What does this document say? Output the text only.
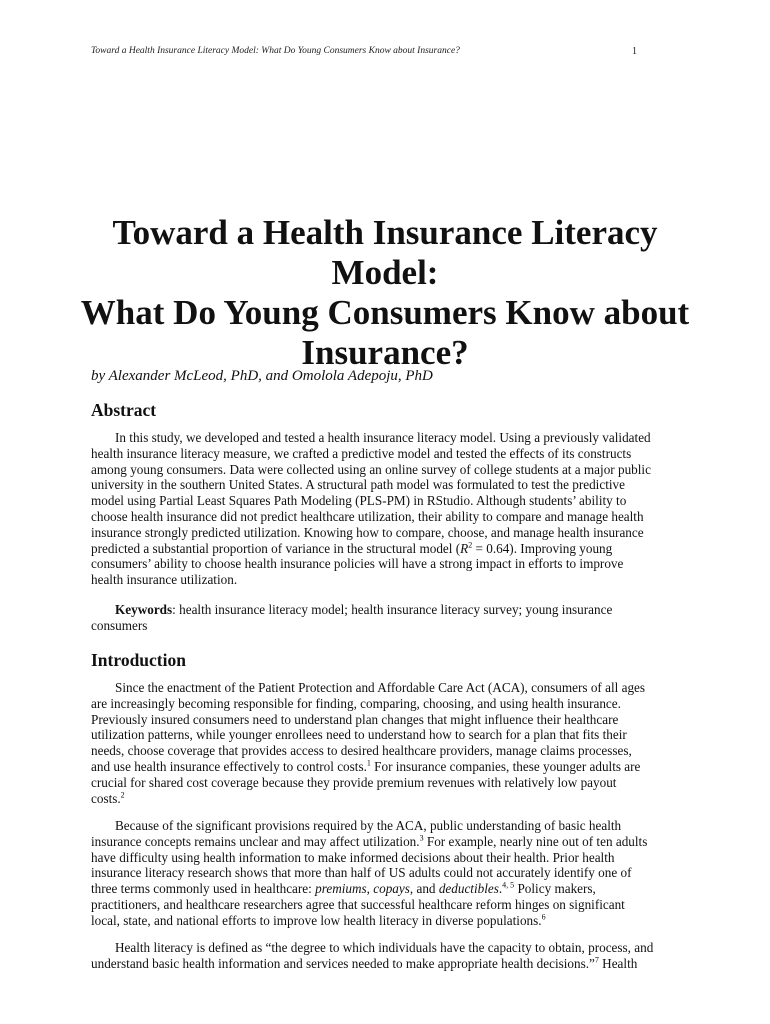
Toward a Health Insurance Literacy Model: What Do Young Consumers Know about Insurance?	1
Toward a Health Insurance Literacy Model:
What Do Young Consumers Know about
Insurance?
by Alexander McLeod, PhD, and Omolola Adepoju, PhD
Abstract

In this study, we developed and tested a health insurance literacy model. Using a previously validated
health insurance literacy measure, we crafted a predictive model and tested the effects of its constructs
among young consumers. Data were collected using an online survey of college students at a major public
university in the southern United States. A structural path model was formulated to test the predictive
model using Partial Least Squares Path Modeling (PLS-PM) in RStudio. Although students’ ability to
choose health insurance did not predict healthcare utilization, their ability to compare and manage health
insurance strongly predicted utilization. Knowing how to compare, choose, and manage health insurance
predicted a substantial proportion of variance in the structural model $(R^2 = 0.64)$. Improving young
consumers’ ability to choose health insurance policies will have a strong impact in efforts to improve
health insurance utilization.

Keywords: health insurance literacy model; health insurance literacy survey; young insurance
consumers

Introduction

Since the enactment of the Patient Protection and Affordable Care Act (ACA), consumers of all ages
are increasingly becoming responsible for finding, comparing, choosing, and using health insurance.
Previously insured consumers need to understand plan changes that might influence their healthcare
utilization patterns, while younger enrollees need to understand how to search for a plan that fits their
needs, choose coverage that provides access to desired healthcare providers, manage claims processes,
and use health insurance effectively to control costs.$^1$ For insurance companies, these younger adults are
crucial for shared cost coverage because they provide premium revenues with relatively low payout
costs.$^2$

Because of the significant provisions required by the ACA, public understanding of basic health
insurance concepts remains unclear and may affect utilization.$^3$ For example, nearly nine out of ten adults
have difficulty using health information to make informed decisions about their health. Prior health
insurance literacy research shows that more than half of US adults could not accurately identify one of
three terms commonly used in healthcare: premiums, copays, and deductibles.$^{4, 5}$ Policy makers,
practitioners, and healthcare researchers agree that successful healthcare reform hinges on significant
local, state, and national efforts to improve low health literacy in diverse populations.$^6$

Health literacy is defined as “the degree to which individuals have the capacity to obtain, process, and
understand basic health information and services needed to make appropriate health decisions.”$^7$ Health
